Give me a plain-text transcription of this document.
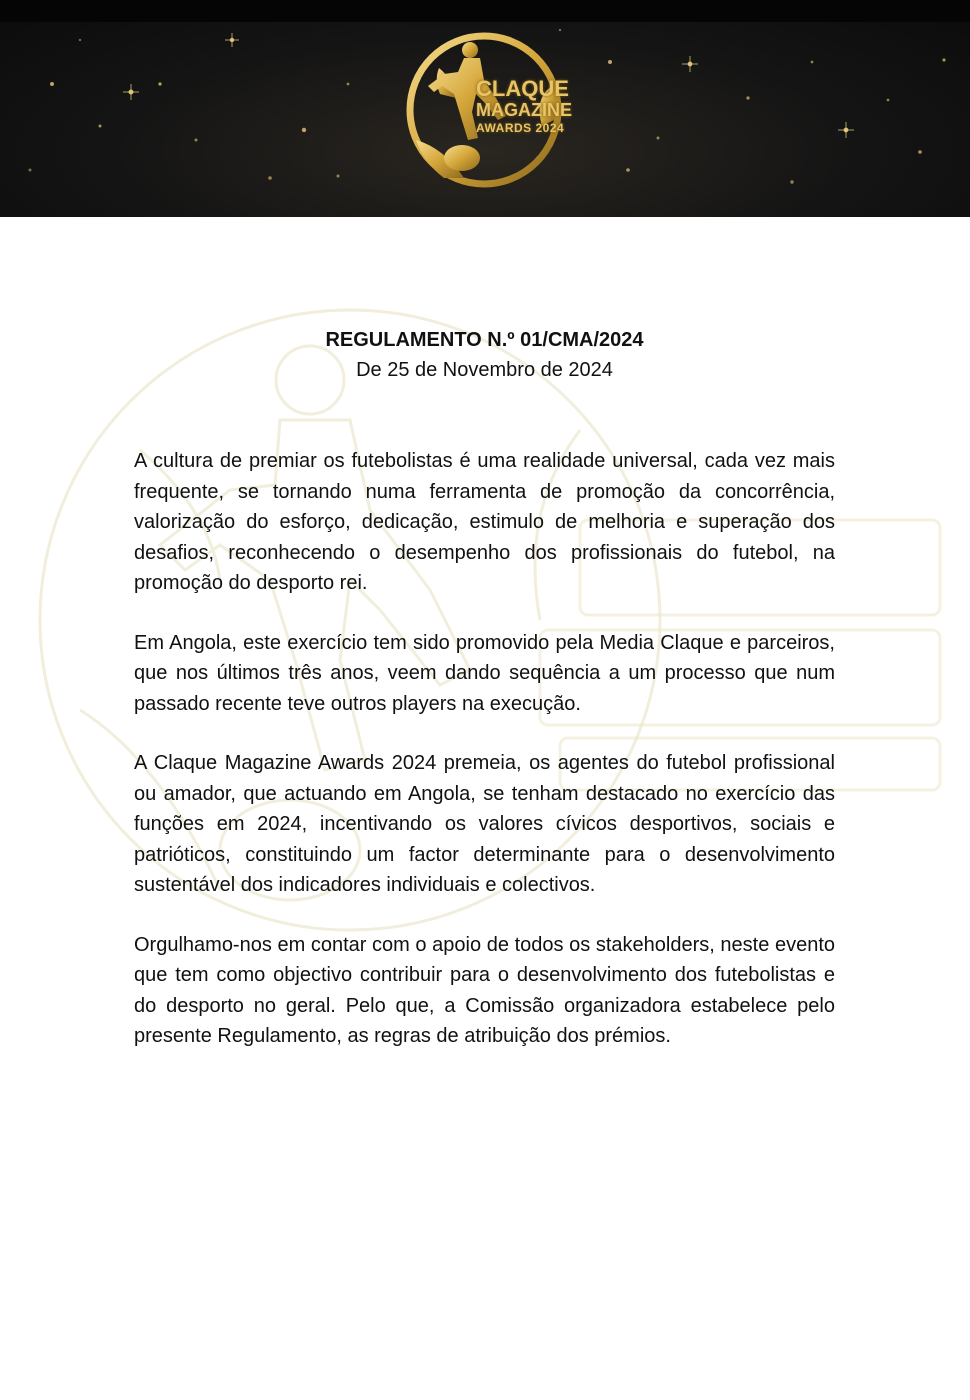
CLAQUE
MAGAZINE
AWARDS 2024

REGULAMENTO N.º 01/CMA/2024

De 25 de Novembro de 2024

A cultura de premiar os futebolistas é uma realidade universal, cada vez mais frequente, se tornando numa ferramenta de promoção da concorrência, valorização do esforço, dedicação, estimulo de melhoria e superação dos desafios, reconhecendo o desempenho dos profissionais do futebol, na promoção do desporto rei.

Em Angola, este exercício tem sido promovido pela Media Claque e parceiros, que nos últimos três anos, veem dando sequência a um processo que num passado recente teve outros players na execução.

A Claque Magazine Awards 2024 premeia, os agentes do futebol profissional ou amador, que actuando em Angola, se tenham destacado no exercício das funções em 2024, incentivando os valores cívicos desportivos, sociais e patrióticos, constituindo um factor determinante para o desenvolvimento sustentável dos indicadores individuais e colectivos.

Orgulhamo-nos em contar com o apoio de todos os stakeholders, neste evento que tem como objectivo contribuir para o desenvolvimento dos futebolistas e do desporto no geral. Pelo que, a Comissão organizadora estabelece pelo presente Regulamento, as regras de atribuição dos prémios.
